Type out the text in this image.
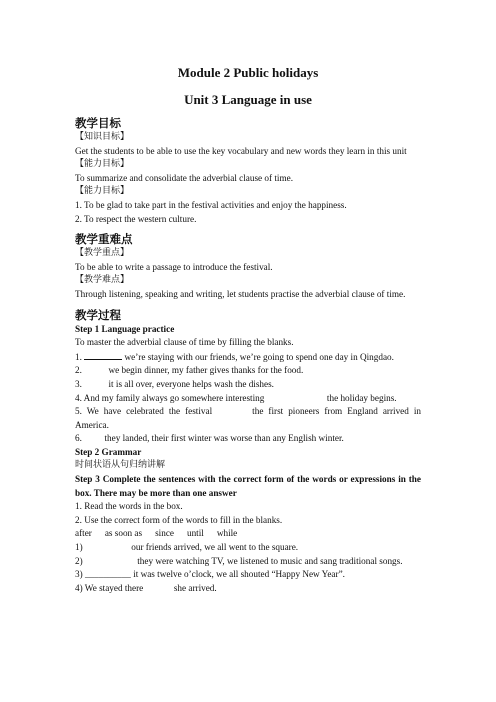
Module 2 Public holidays
Unit 3 Language in use
教学目标

【知识目标】

Get the students to be able to use the key vocabulary and new words they learn in this unit

【能力目标】

To summarize and consolidate the adverbial clause of time.

【能力目标】

1. To be glad to take part in the festival activities and enjoy the happiness.

2. To respect the western culture.

教学重难点

【教学重点】

To be able to write a passage to introduce the festival.

【教学难点】

Through listening, speaking and writing, let students practise the adverbial clause of time.

教学过程

Step 1 Language practice

To master the adverbial clause of time by filling the blanks.

1.	we’re staying with our friends, we’re going to spend one day in Qingdao.

2.	we begin dinner, my father gives thanks for the food.

3.	it is all over, everyone helps wash the dishes.

4. And my family always go somewhere interesting	the holiday begins.

5. We have celebrated the festival	the first pioneers from England arrived in America.

6. they landed, their first winter was worse than any English winter.

Step 2 Grammar

时间状语从句归纳讲解

Step 3 Complete the sentences with the correct form of the words or expressions in the box. There may be more than one answer

1. Read the words in the box.

2. Use the correct form of the words to fill in the blanks.

after as soon as since until while

1)	our friends arrived, we all went to the square.

2)	they were watching TV, we listened to music and sang traditional songs.

3) __________ it was twelve o’clock, we all shouted “Happy New Year”.

4) We stayed there	she arrived.
